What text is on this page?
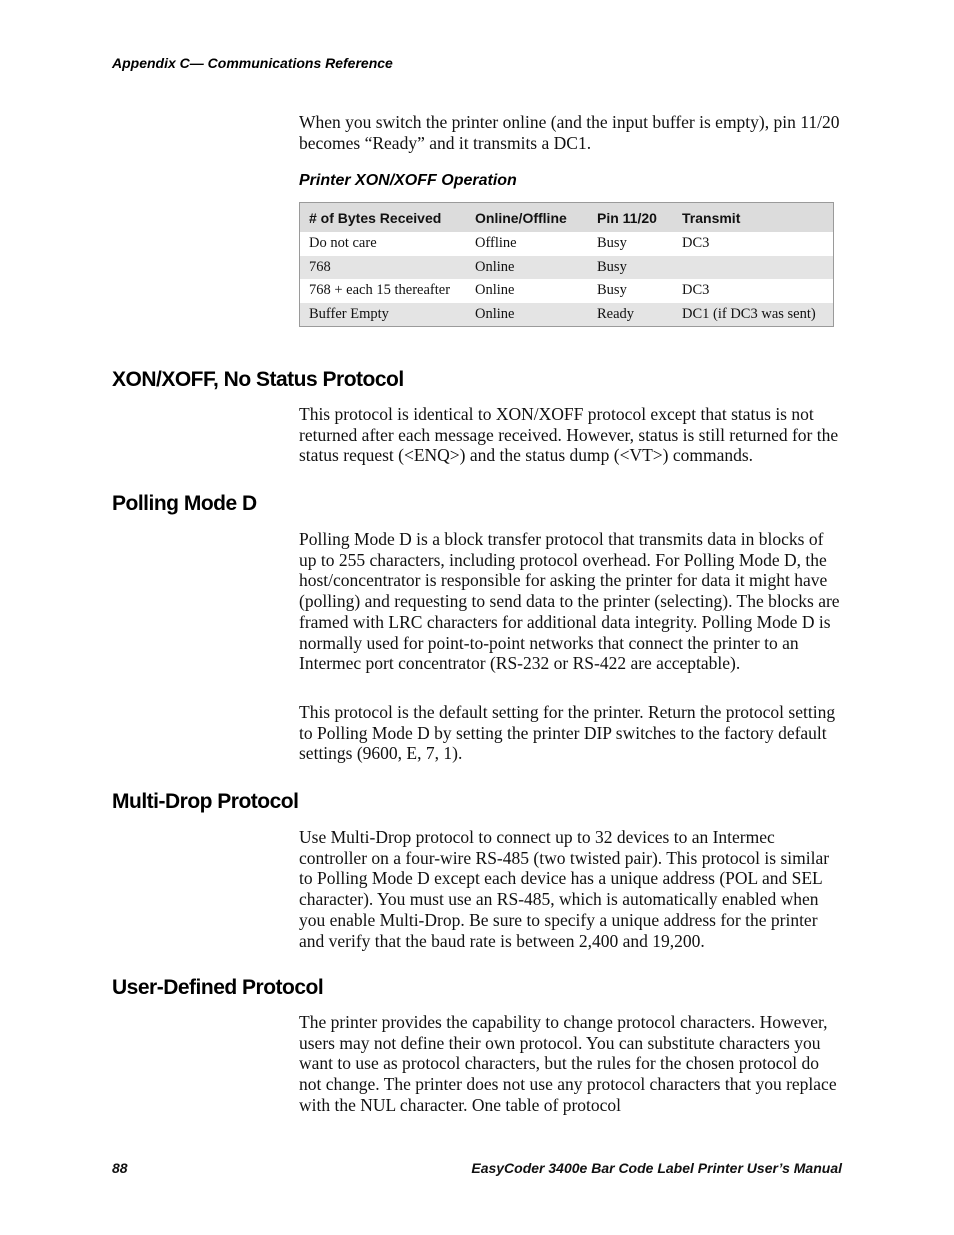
Appendix C— Communications Reference

When you switch the printer online (and the input buffer is empty), pin 11/20 becomes “Ready” and it transmits a DC1.

Printer XON/XOFF Operation
# of Bytes Received	Online/Offline	Pin 11/20	Transmit
Do not care	Offline	Busy	DC3
768	Online	Busy	
768 + each 15 thereafter	Online	Busy	DC3
Buffer Empty	Online	Ready	DC1 (if DC3 was sent)
XON/XOFF, No Status Protocol

This protocol is identical to XON/XOFF protocol except that status is not returned after each message received. However, status is still returned for the status request (<ENQ>) and the status dump (<VT>) commands.

Polling Mode D

Polling Mode D is a block transfer protocol that transmits data in blocks of up to 255 characters, including protocol overhead. For Polling Mode D, the host/concentrator is responsible for asking the printer for data it might have (polling) and requesting to send data to the printer (selecting). The blocks are framed with LRC characters for additional data integrity. Polling Mode D is normally used for point-to-point networks that connect the printer to an Intermec port concentrator (RS-232 or RS-422 are acceptable).

This protocol is the default setting for the printer. Return the protocol setting to Polling Mode D by setting the printer DIP switches to the factory default settings (9600, E, 7, 1).

Multi-Drop Protocol

Use Multi-Drop protocol to connect up to 32 devices to an Intermec controller on a four-wire RS-485 (two twisted pair). This protocol is similar to Polling Mode D except each device has a unique address (POL and SEL character). You must use an RS-485, which is automatically enabled when you enable Multi-Drop. Be sure to specify a unique address for the printer and verify that the baud rate is between 2,400 and 19,200.

User-Defined Protocol

The printer provides the capability to change protocol characters. However, users may not define their own protocol. You can substitute characters you want to use as protocol characters, but the rules for the chosen protocol do not change. The printer does not use any protocol characters that you replace with the NUL character. One table of protocol

88	EasyCoder 3400e Bar Code Label Printer User’s Manual
